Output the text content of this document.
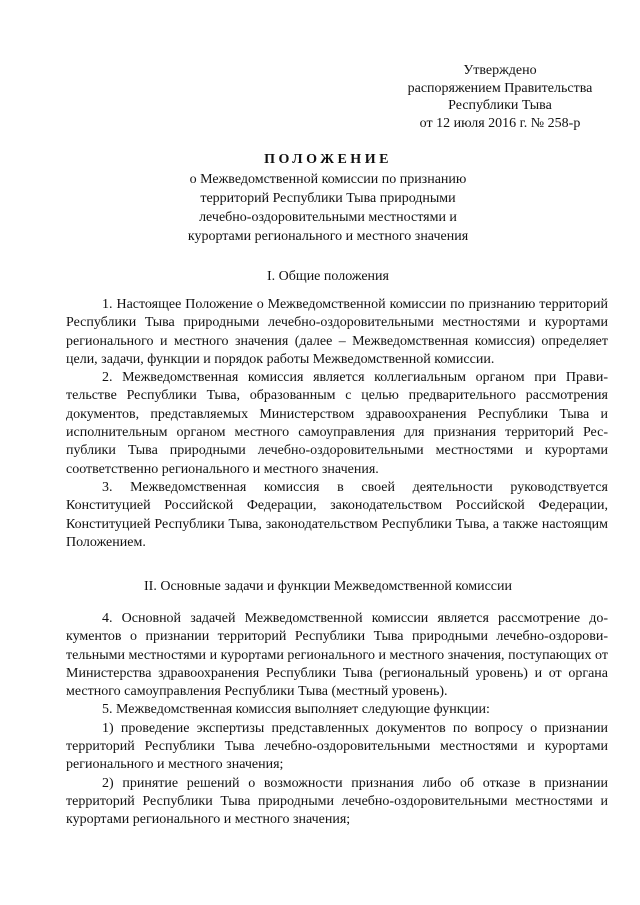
Утверждено
распоряжением Правительства
Республики Тыва
от 12 июля 2016 г. № 258-р
ПОЛОЖЕНИЕ
о Межведомственной комиссии по признанию
территорий Республики Тыва природными
лечебно-оздоровительными местностями и
курортами регионального и местного значения
I. Общие положения

1. Настоящее Положение о Межведомственной комиссии по признанию территорий Республики Тыва природными лечебно-оздоровительными местностями и курортами регионального и местного значения (далее – Межведомственная комиссия) определяет цели, задачи, функции и порядок работы Межведомственной комиссии.

2. Межведомственная комиссия является коллегиальным органом при Правительстве Республики Тыва, образованным с целью предварительного рассмотрения документов, представляемых Министерством здравоохранения Республики Тыва и исполнительным органом местного самоуправления для признания территорий Республики Тыва природными лечебно-оздоровительными местностями и курортами соответственно регионального и местного значения.

3. Межведомственная комиссия в своей деятельности руководствуется Конституцией Российской Федерации, законодательством Российской Федерации, Конституцией Республики Тыва, законодательством Республики Тыва, а также настоящим Положением.

II. Основные задачи и функции Межведомственной комиссии

4. Основной задачей Межведомственной комиссии является рассмотрение документов о признании территорий Республики Тыва природными лечебно-оздоровительными местностями и курортами регионального и местного значения, поступающих от Министерства здравоохранения Республики Тыва (региональный уровень) и от органа местного самоуправления Республики Тыва (местный уровень).

5. Межведомственная комиссия выполняет следующие функции:

1) проведение экспертизы представленных документов по вопросу о признании территорий Республики Тыва лечебно-оздоровительными местностями и курортами регионального и местного значения;

2) принятие решений о возможности признания либо об отказе в признании территорий Республики Тыва природными лечебно-оздоровительными местностями и курортами регионального и местного значения;
